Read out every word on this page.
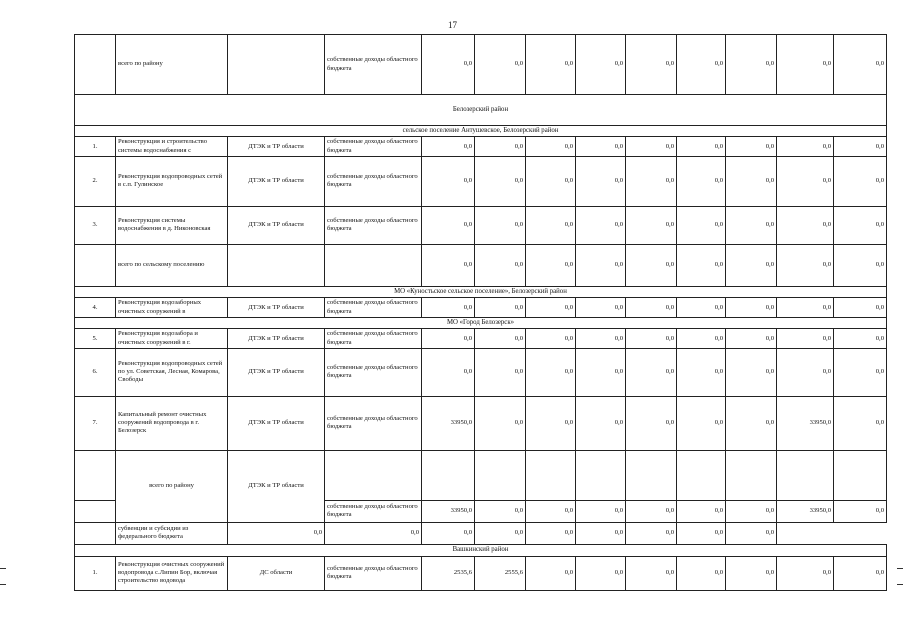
17
	всего по району		собственные доходы областного бюджета	0,0	0,0	0,0	0,0	0,0	0,0	0,0	0,0	0,0
Белозерский район												
сельское поселение Антушевское, Белозерский район												
1.	Реконструкция и строительство системы водоснабжения с	ДТЭК и ТР области	собственные доходы областного бюджета	0,0	0,0	0,0	0,0	0,0	0,0	0,0	0,0	0,0
2.	Реконструкция водопроводных сетей в с.п. Гулинское	ДТЭК и ТР области	собственные доходы областного бюджета	0,0	0,0	0,0	0,0	0,0	0,0	0,0	0,0	0,0
3.	Реконструкция системы водоснабжения в д. Никоновская	ДТЭК и ТР области	собственные доходы областного бюджета	0,0	0,0	0,0	0,0	0,0	0,0	0,0	0,0	0,0
	всего по сельскому поселению			0,0	0,0	0,0	0,0	0,0	0,0	0,0	0,0	0,0
МО «Куностьское сельское поселение», Белозерский район												
4.	Реконструкция водозаборных очистных сооружений в	ДТЭК и ТР области	собственные доходы областного бюджета	0,0	0,0	0,0	0,0	0,0	0,0	0,0	0,0	0,0
МО «Город Белозерск»												
5.	Реконструкция водозабора и очистных сооружений в г.	ДТЭК и ТР области	собственные доходы областного бюджета	0,0	0,0	0,0	0,0	0,0	0,0	0,0	0,0	0,0
6.	Реконструкция водопроводных сетей по ул. Советская, Лесная, Комарова, Свободы	ДТЭК и ТР области	собственные доходы областного бюджета	0,0	0,0	0,0	0,0	0,0	0,0	0,0	0,0	0,0
7.	Капитальный ремонт очистных сооружений водопровода в г. Белозерск	ДТЭК и ТР области	собственные доходы областного бюджета	33950,0	0,0	0,0	0,0	0,0	0,0	0,0	33950,0	0,0
	всего по району	ДТЭК и ТР области										
			собственные доходы областного бюджета	33950,0	0,0	0,0	0,0	0,0	0,0	0,0	33950,0	0,0
	субвенции и субсидии из федерального бюджета	0,0	0,0	0,0	0,0	0,0	0,0	0,0	0,0	0,0		
Вашкинский район												
1.	Реконструкция очистных сооружений водопровода с.Липин Бор, включая строительство водовода	ДС области	собственные доходы областного бюджета	2535,6	2555,6	0,0	0,0	0,0	0,0	0,0	0,0	0,0
